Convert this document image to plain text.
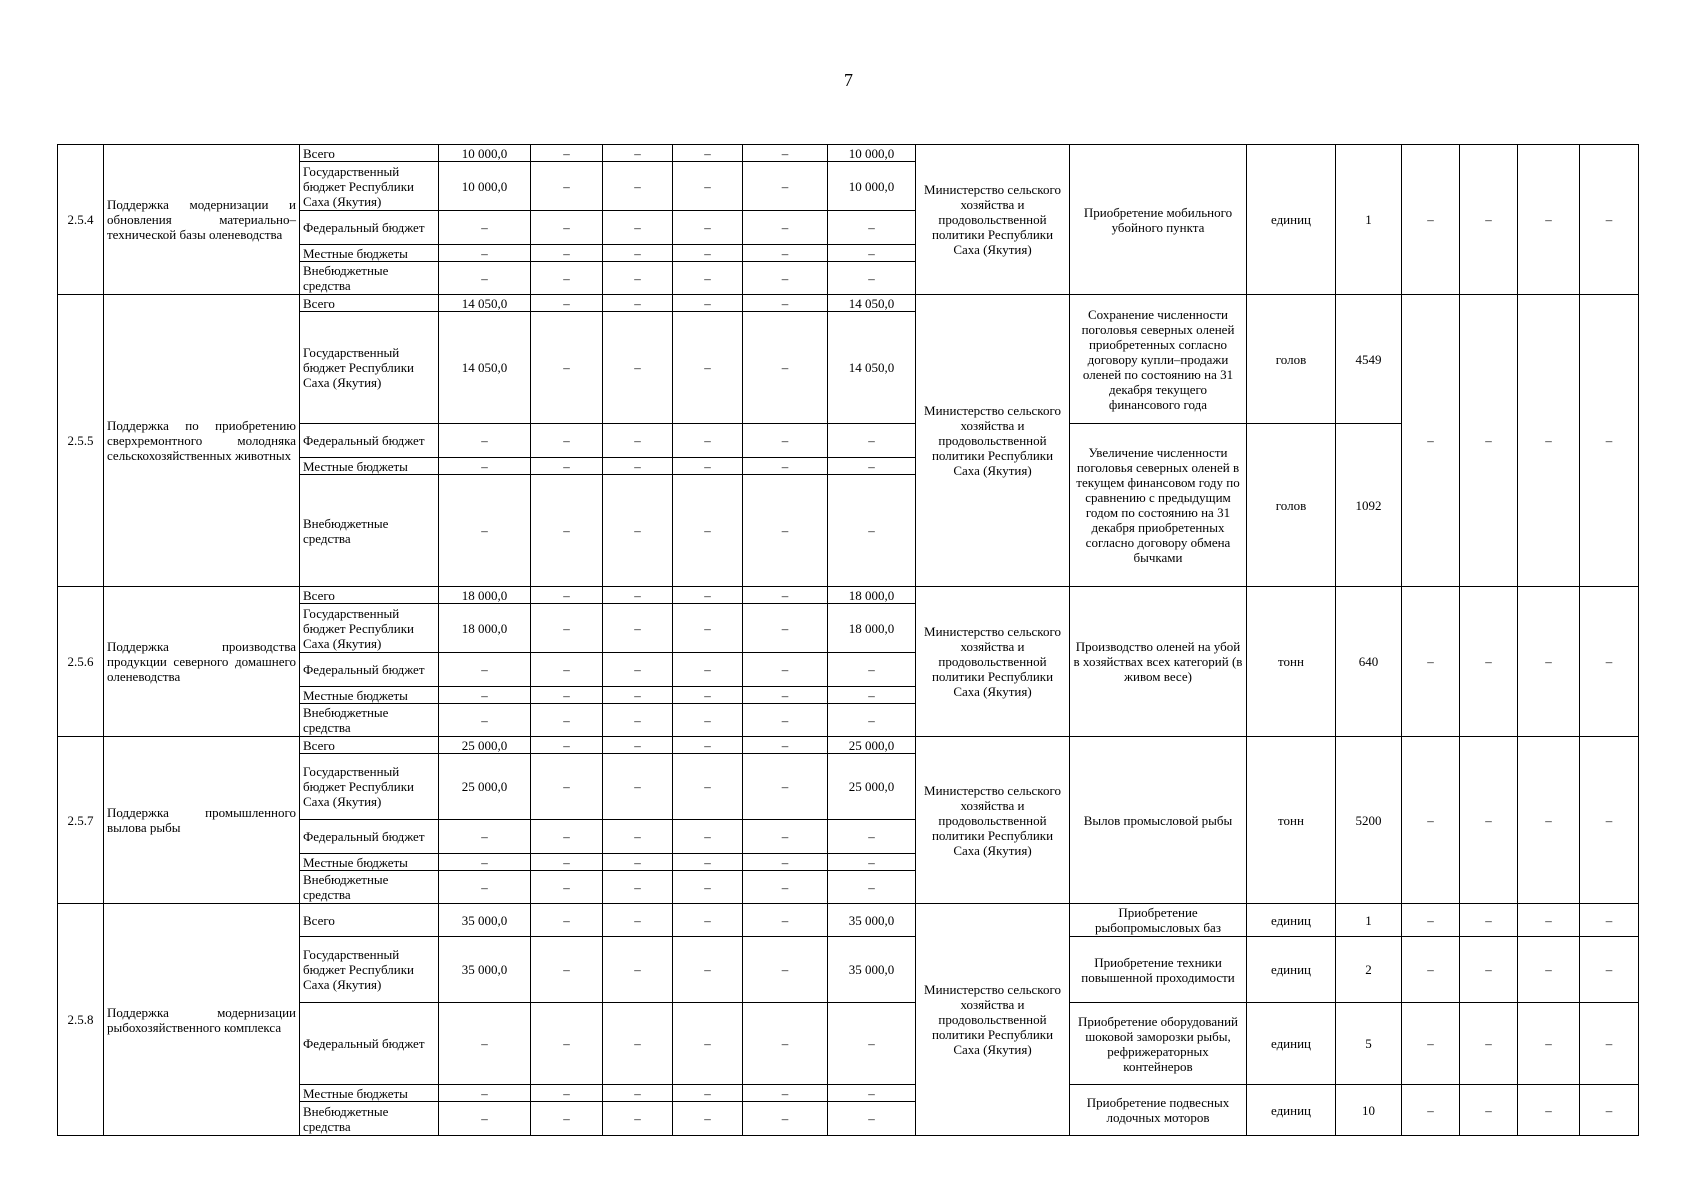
7
2.5.4	Поддержка модернизации и обновления материально–технической базы оленеводства	Всего	10 000,0	–	–	–	–	10 000,0	Министерство сельского хозяйства и продовольственной политики Республики Саха (Якутия)	Приобретение мобильного убойного пункта	единиц	1	–	–	–	–
		Государственный бюджет Республики Саха (Якутия)	10 000,0	–	–	–	–	10 000,0								
		Федеральный бюджет	–	–	–	–	–	–								
		Местные бюджеты	–	–	–	–	–	–								
		Внебюджетные средства	–	–	–	–	–	–								
2.5.5	Поддержка по приобретению сверхремонтного молодняка сельскохозяйственных животных	Всего	14 050,0	–	–	–	–	14 050,0	Министерство сельского хозяйства и продовольственной политики Республики Саха (Якутия)	Сохранение численности поголовья северных оленей приобретенных согласно договору купли–продажи оленей по состоянию на 31 декабря текущего финансового года	голов	4549	–	–	–	–
		Государственный бюджет Республики Саха (Якутия)	14 050,0	–	–	–	–	14 050,0								
		Федеральный бюджет	–	–	–	–	–	–		Увеличение численности поголовья северных оленей в текущем финансовом году по сравнению с предыдущим годом по состоянию на 31 декабря приобретенных согласно договору обмена бычками	голов	1092				
		Местные бюджеты	–	–	–	–	–	–								
		Внебюджетные средства	–	–	–	–	–	–								
2.5.6	Поддержка производства продукции северного домашнего оленеводства	Всего	18 000,0	–	–	–	–	18 000,0	Министерство сельского хозяйства и продовольственной политики Республики Саха (Якутия)	Производство оленей на убой в хозяйствах всех категорий (в живом весе)	тонн	640	–	–	–	–
		Государственный бюджет Республики Саха (Якутия)	18 000,0	–	–	–	–	18 000,0								
		Федеральный бюджет	–	–	–	–	–	–								
		Местные бюджеты	–	–	–	–	–	–								
		Внебюджетные средства	–	–	–	–	–	–								
2.5.7	Поддержка промышленного вылова рыбы	Всего	25 000,0	–	–	–	–	25 000,0	Министерство сельского хозяйства и продовольственной политики Республики Саха (Якутия)	Вылов промысловой рыбы	тонн	5200	–	–	–	–
		Государственный бюджет Республики Саха (Якутия)	25 000,0	–	–	–	–	25 000,0								
		Федеральный бюджет	–	–	–	–	–	–								
		Местные бюджеты	–	–	–	–	–	–								
		Внебюджетные средства	–	–	–	–	–	–								
2.5.8	Поддержка модернизации рыбохозяйственного комплекса	Всего	35 000,0	–	–	–	–	35 000,0	Министерство сельского хозяйства и продовольственной политики Республики Саха (Якутия)	Приобретение рыбопромысловых баз	единиц	1	–	–	–	–
		Государственный бюджет Республики Саха (Якутия)	35 000,0	–	–	–	–	35 000,0		Приобретение техники повышенной проходимости	единиц	2	–	–	–	–
		Федеральный бюджет	–	–	–	–	–	–		Приобретение оборудований шоковой заморозки рыбы, рефрижераторных контейнеров	единиц	5	–	–	–	–
		Местные бюджеты	–	–	–	–	–	–		Приобретение подвесных лодочных моторов	единиц	10	–	–	–	–
		Внебюджетные средства	–	–	–	–	–	–								
